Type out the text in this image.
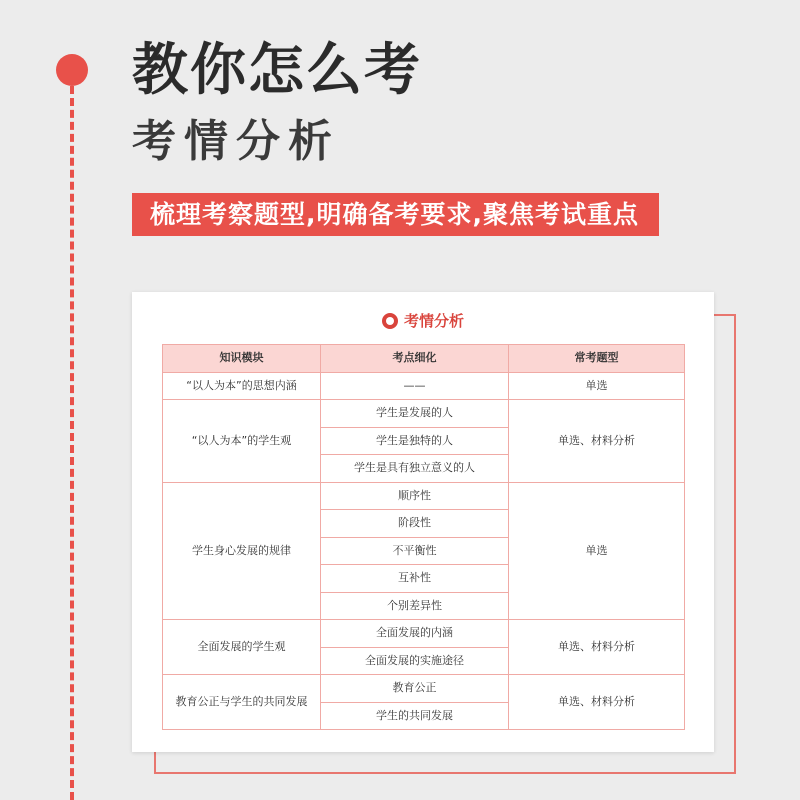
教你怎么考
考情分析
梳理考察题型,明确备考要求,聚焦考试重点
考情分析
知识模块	考点细化	常考题型
“以人为本”的思想内涵	——	单选
“以人为本”的学生观	学生是发展的人	单选、材料分析
	学生是独特的人	
	学生是具有独立意义的人	
学生身心发展的规律	顺序性	单选
	阶段性	
	不平衡性	
	互补性	
	个别差异性	
全面发展的学生观	全面发展的内涵	单选、材料分析
	全面发展的实施途径	
教育公正与学生的共同发展	教育公正	单选、材料分析
	学生的共同发展	
